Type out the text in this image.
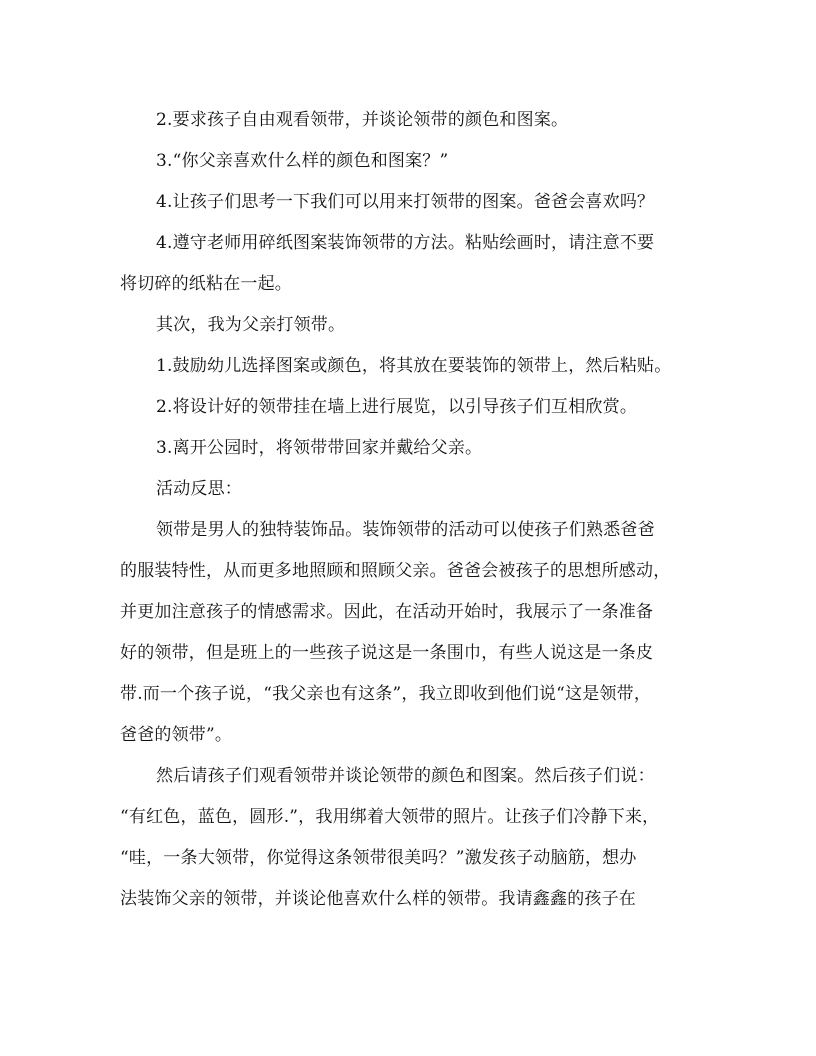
2.要求孩子自由观看领带，并谈论领带的颜色和图案。

3.“你父亲喜欢什么样的颜色和图案？”

4.让孩子们思考一下我们可以用来打领带的图案。爸爸会喜欢吗？

4.遵守老师用碎纸图案装饰领带的方法。粘贴绘画时，请注意不要

将切碎的纸粘在一起。

其次，我为父亲打领带。

1.鼓励幼儿选择图案或颜色，将其放在要装饰的领带上，然后粘贴。

2.将设计好的领带挂在墙上进行展览，以引导孩子们互相欣赏。

3.离开公园时，将领带带回家并戴给父亲。

活动反思：

领带是男人的独特装饰品。装饰领带的活动可以使孩子们熟悉爸爸

的服装特性，从而更多地照顾和照顾父亲。爸爸会被孩子的思想所感动，

并更加注意孩子的情感需求。因此，在活动开始时，我展示了一条准备

好的领带，但是班上的一些孩子说这是一条围巾，有些人说这是一条皮

带.而一个孩子说，“我父亲也有这条”，我立即收到他们说“这是领带，

爸爸的领带”。

然后请孩子们观看领带并谈论领带的颜色和图案。然后孩子们说：

“有红色，蓝色，圆形.”，我用绑着大领带的照片。让孩子们冷静下来，

“哇，一条大领带，你觉得这条领带很美吗？”激发孩子动脑筋，想办

法装饰父亲的领带，并谈论他喜欢什么样的领带。我请鑫鑫的孩子在
